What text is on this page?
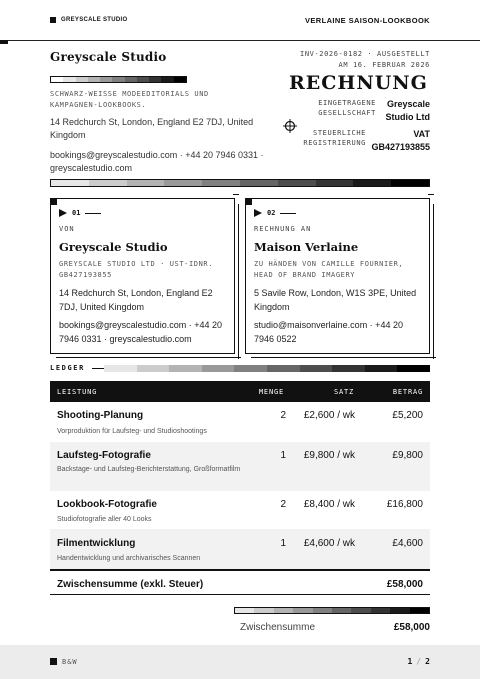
GREYSCALE STUDIO	VERLAINE SAISON-LOOKBOOK
Greyscale Studio
SCHWARZ-WEISSE MODEEDITORIALS UND KAMPAGNEN-LOOKBOOKS.
14 Redchurch St, London, England E2 7DJ, United Kingdom
bookings@greyscalestudio.com · +44 20 7946 0331 · greyscalestudio.com
INV-2026-0182 · AUSGESTELLT
AM 16. FEBRUAR 2026
RECHNUNG
EINGETRAGENE GESELLSCHAFT
Greyscale Studio Ltd
STEUERLICHE REGISTRIERUNG
VAT GB427193855
01
VON
Greyscale Studio
GREYSCALE STUDIO LTD · UST-IDNR. GB427193855
14 Redchurch St, London, England E2 7DJ, United Kingdom
bookings@greyscalestudio.com · +44 20 7946 0331 · greyscalestudio.com
02
RECHNUNG AN
Maison Verlaine
ZU HÄNDEN VON CAMILLE FOURNIER, HEAD OF BRAND IMAGERY
5 Savile Row, London, W1S 3PE, United Kingdom
studio@maisonverlaine.com · +44 20 7946 0522
LEDGER
LEISTUNG	MENGE	SATZ	BETRAG
Shooting-Planung
Vorproduktion für Laufsteg- und Studioshootings
2 £2,600 / wk	£5,200
Laufsteg-Fotografie
Backstage- und Laufsteg-Berichterstattung, Großformatfilm
1 £9,800 / wk	£9,800
Lookbook-Fotografie
Studiofotografie aller 40 Looks
2 £8,400 / wk	£16,800
Filmentwicklung
Handentwicklung und archivarisches Scannen
1 £4,600 / wk	£4,600
Zwischensumme (exkl. Steuer)	£58,000
Zwischensumme	£58,000
B&W	1 / 2
